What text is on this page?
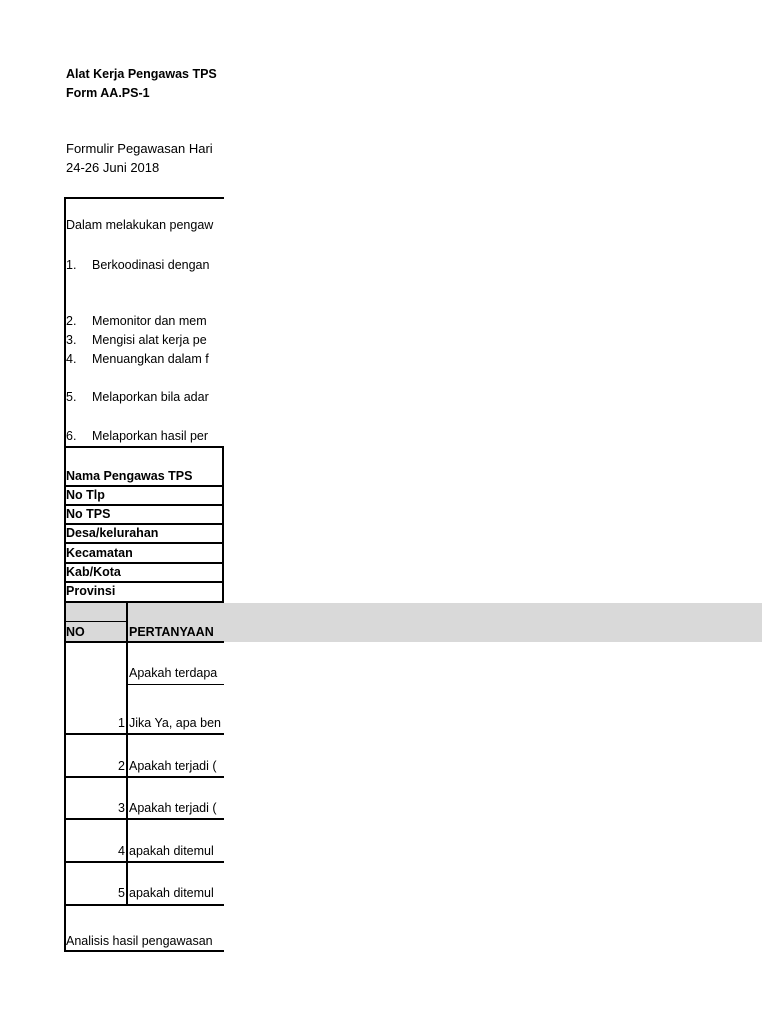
Alat Kerja Pengawas TPS
Form AA.PS-1
Formulir Pegawasan Hari
24-26 Juni 2018
Dalam melakukan pengaw
1. Berkoodinasi dengan
2. Memonitor dan mem
3. Mengisi alat kerja pe
4. Menuangkan dalam f
5. Melaporkan bila adar
6. Melaporkan hasil per
Nama Pengawas TPS
No Tlp
No TPS
Desa/kelurahan
Kecamatan
Kab/Kota
Provinsi
NO	PERTANYAAN
Apakah terdapa
1 Jika Ya, apa ben
2 Apakah terjadi (
3 Apakah terjadi (
4 apakah ditemul
5 apakah ditemul
Analisis hasil pengawasan
